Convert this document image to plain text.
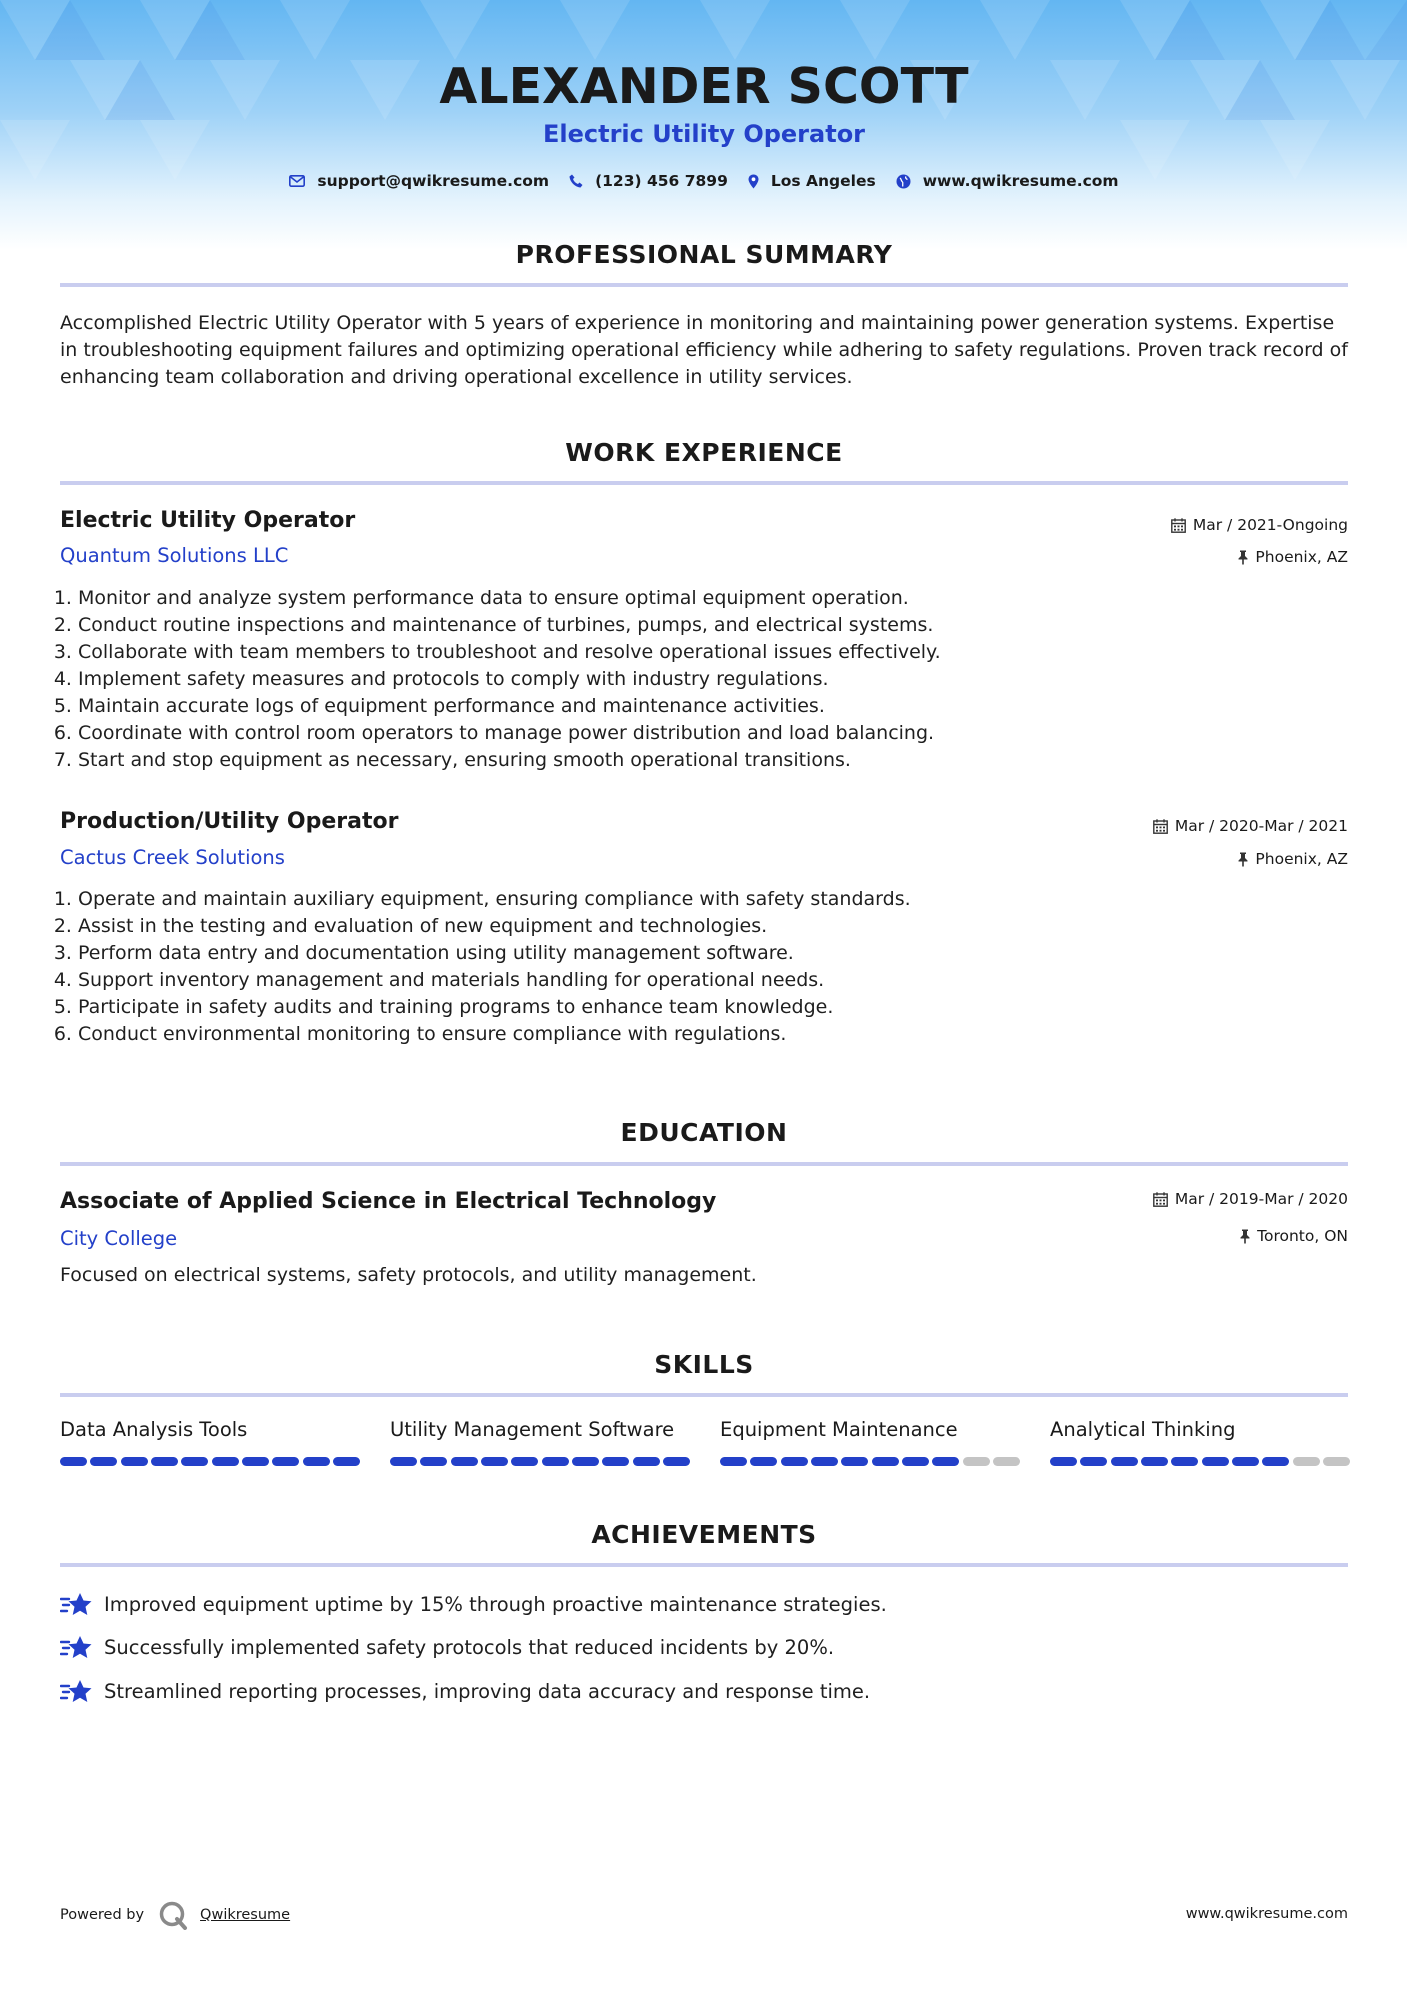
ALEXANDER SCOTT
Electric Utility Operator
support@qwikresume.com	(123) 456 7899	Los Angeles	www.qwikresume.com
PROFESSIONAL SUMMARY
Accomplished Electric Utility Operator with 5 years of experience in monitoring and maintaining power generation systems. Expertise in troubleshooting equipment failures and optimizing operational efficiency while adhering to safety regulations. Proven track record of enhancing team collaboration and driving operational excellence in utility services.
WORK EXPERIENCE
Electric Utility Operator	Mar / 2021-Ongoing
Quantum Solutions LLC	Phoenix, AZ
1. Monitor and analyze system performance data to ensure optimal equipment operation.
2. Conduct routine inspections and maintenance of turbines, pumps, and electrical systems.
3. Collaborate with team members to troubleshoot and resolve operational issues effectively.
4. Implement safety measures and protocols to comply with industry regulations.
5. Maintain accurate logs of equipment performance and maintenance activities.
6. Coordinate with control room operators to manage power distribution and load balancing.
7. Start and stop equipment as necessary, ensuring smooth operational transitions.
Production/Utility Operator	Mar / 2020-Mar / 2021
Cactus Creek Solutions	Phoenix, AZ
1. Operate and maintain auxiliary equipment, ensuring compliance with safety standards.
2. Assist in the testing and evaluation of new equipment and technologies.
3. Perform data entry and documentation using utility management software.
4. Support inventory management and materials handling for operational needs.
5. Participate in safety audits and training programs to enhance team knowledge.
6. Conduct environmental monitoring to ensure compliance with regulations.
EDUCATION
Associate of Applied Science in Electrical Technology	Mar / 2019-Mar / 2020
City College	Toronto, ON
Focused on electrical systems, safety protocols, and utility management.
SKILLS
Data Analysis Tools	Utility Management Software	Equipment Maintenance	Analytical Thinking
ACHIEVEMENTS
Improved equipment uptime by 15% through proactive maintenance strategies.
Successfully implemented safety protocols that reduced incidents by 20%.
Streamlined reporting processes, improving data accuracy and response time.
Powered by	Qwikresume	www.qwikresume.com
